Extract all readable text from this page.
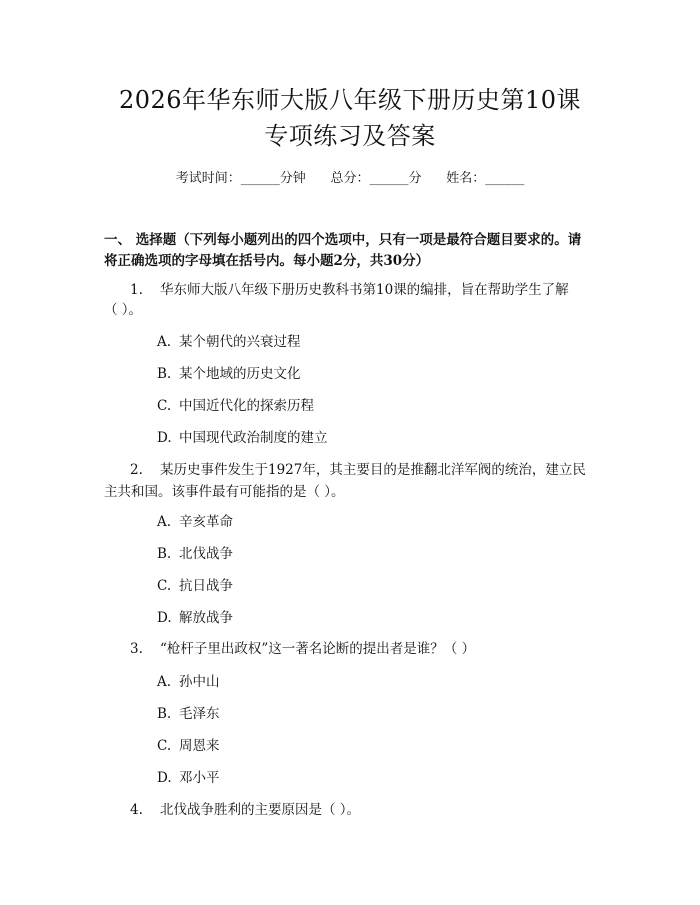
2026年华东师大版八年级下册历史第10课
专项练习及答案
考试时间：______分钟      总分：______分      姓名：______
一、 选择题（下列每小题列出的四个选项中，只有一项是最符合题目要求的。请
将正确选项的字母填在括号内。每小题2分，共30分）
1. 华东师大版八年级下册历史教科书第10课的编排，旨在帮助学生了解
（ ）。
A. 某个朝代的兴衰过程
B. 某个地域的历史文化
C. 中国近代化的探索历程
D. 中国现代政治制度的建立
2. 某历史事件发生于1927年，其主要目的是推翻北洋军阀的统治，建立民
主共和国。该事件最有可能指的是（ ）。
A. 辛亥革命
B. 北伐战争
C. 抗日战争
D. 解放战争
3. “枪杆子里出政权”这一著名论断的提出者是谁？（ ）
A. 孙中山
B. 毛泽东
C. 周恩来
D. 邓小平
4. 北伐战争胜利的主要原因是（ ）。
